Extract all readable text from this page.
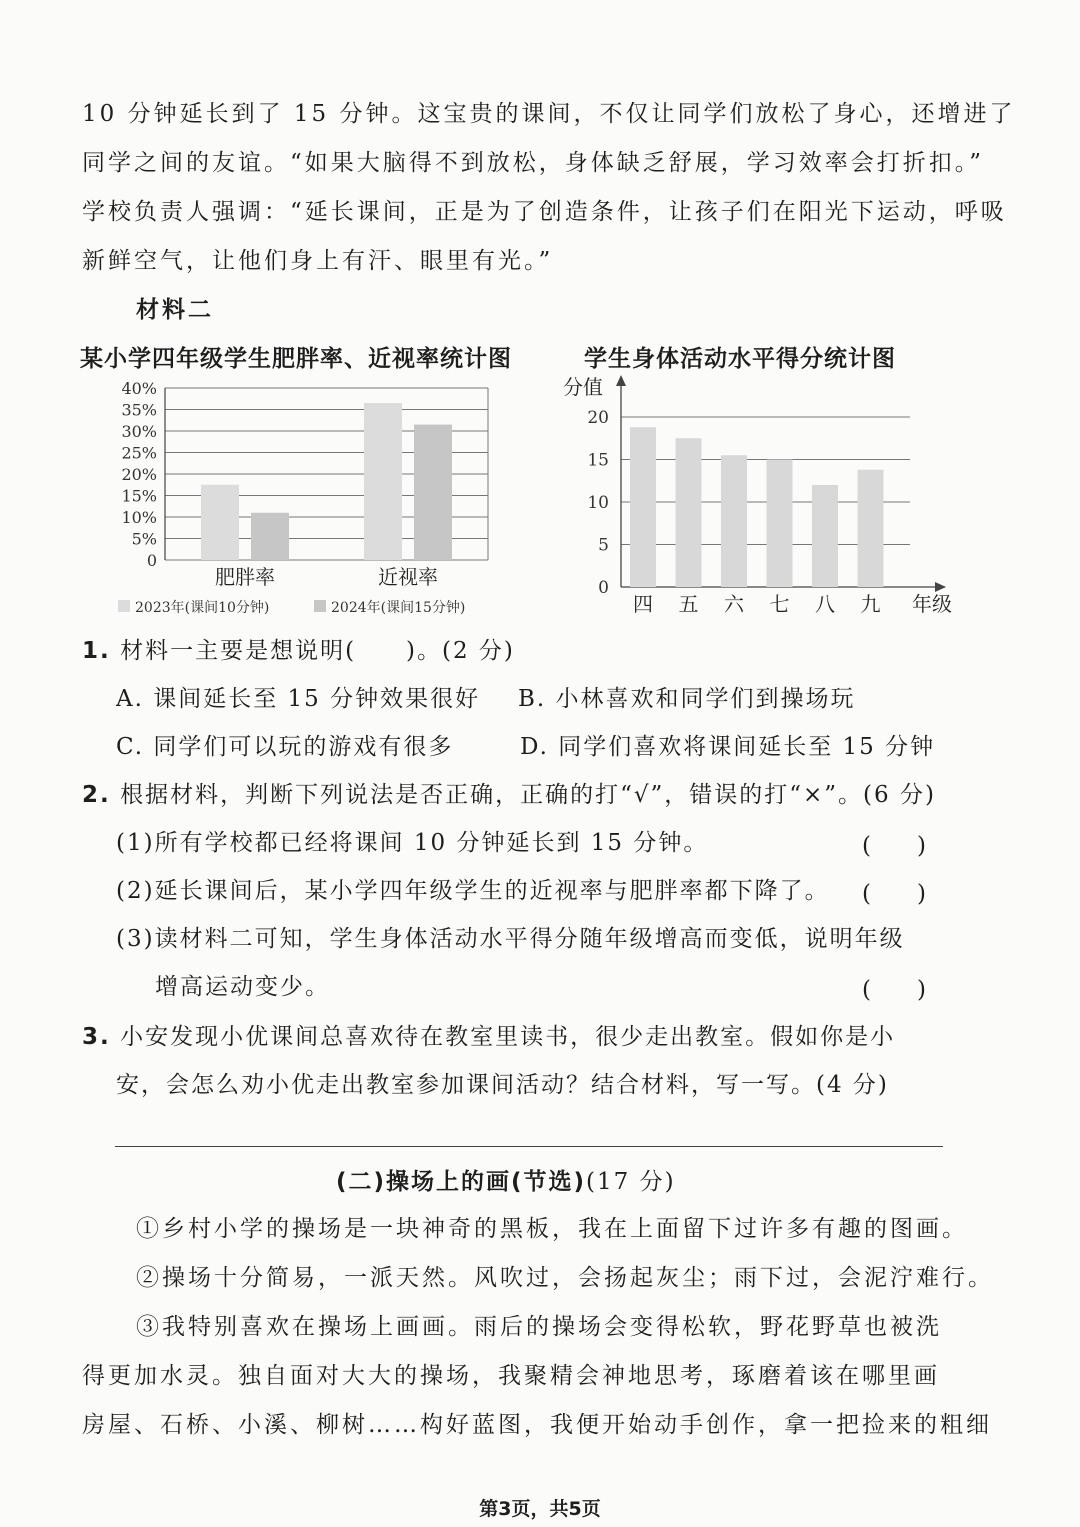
10 分钟延长到了 15 分钟。这宝贵的课间，不仅让同学们放松了身心，还增进了
同学之间的友谊。“如果大脑得不到放松，身体缺乏舒展，学习效率会打折扣。”
学校负责人强调：“延长课间，正是为了创造条件，让孩子们在阳光下运动，呼吸
新鲜空气，让他们身上有汗、眼里有光。”
材料二
某小学四年级学生肥胖率、近视率统计图	学生身体活动水平得分统计图
0
5%
10%
15%
20%
25%
30%
35%
40%
肥胖率	近视率
2023年(课间10分钟)	2024年(课间15分钟)
0
5
10
15
20
分值
四 五 六 七 八 九 年级
1. 材料一主要是想说明(　　)。(2 分)
A. 课间延长至 15 分钟效果很好 B. 小林喜欢和同学们到操场玩
C. 同学们可以玩的游戏有很多	D. 同学们喜欢将课间延长至 15 分钟
2. 根据材料，判断下列说法是否正确，正确的打“√”，错误的打“×”。(6 分)
(1)所有学校都已经将课间 10 分钟延长到 15 分钟。	(　　)
(2)延长课间后，某小学四年级学生的近视率与肥胖率都下降了。 (　　)
(3)读材料二可知，学生身体活动水平得分随年级增高而变低，说明年级
增高运动变少。	(　　)
3. 小安发现小优课间总喜欢待在教室里读书，很少走出教室。假如你是小
安，会怎么劝小优走出教室参加课间活动？结合材料，写一写。(4 分)
(二)操场上的画(节选)(17 分)
①乡村小学的操场是一块神奇的黑板，我在上面留下过许多有趣的图画。
②操场十分简易，一派天然。风吹过，会扬起灰尘；雨下过，会泥泞难行。
③我特别喜欢在操场上画画。雨后的操场会变得松软，野花野草也被洗
得更加水灵。独自面对大大的操场，我聚精会神地思考，琢磨着该在哪里画
房屋、石桥、小溪、柳树……构好蓝图，我便开始动手创作，拿一把捡来的粗细
第3页，共5页
